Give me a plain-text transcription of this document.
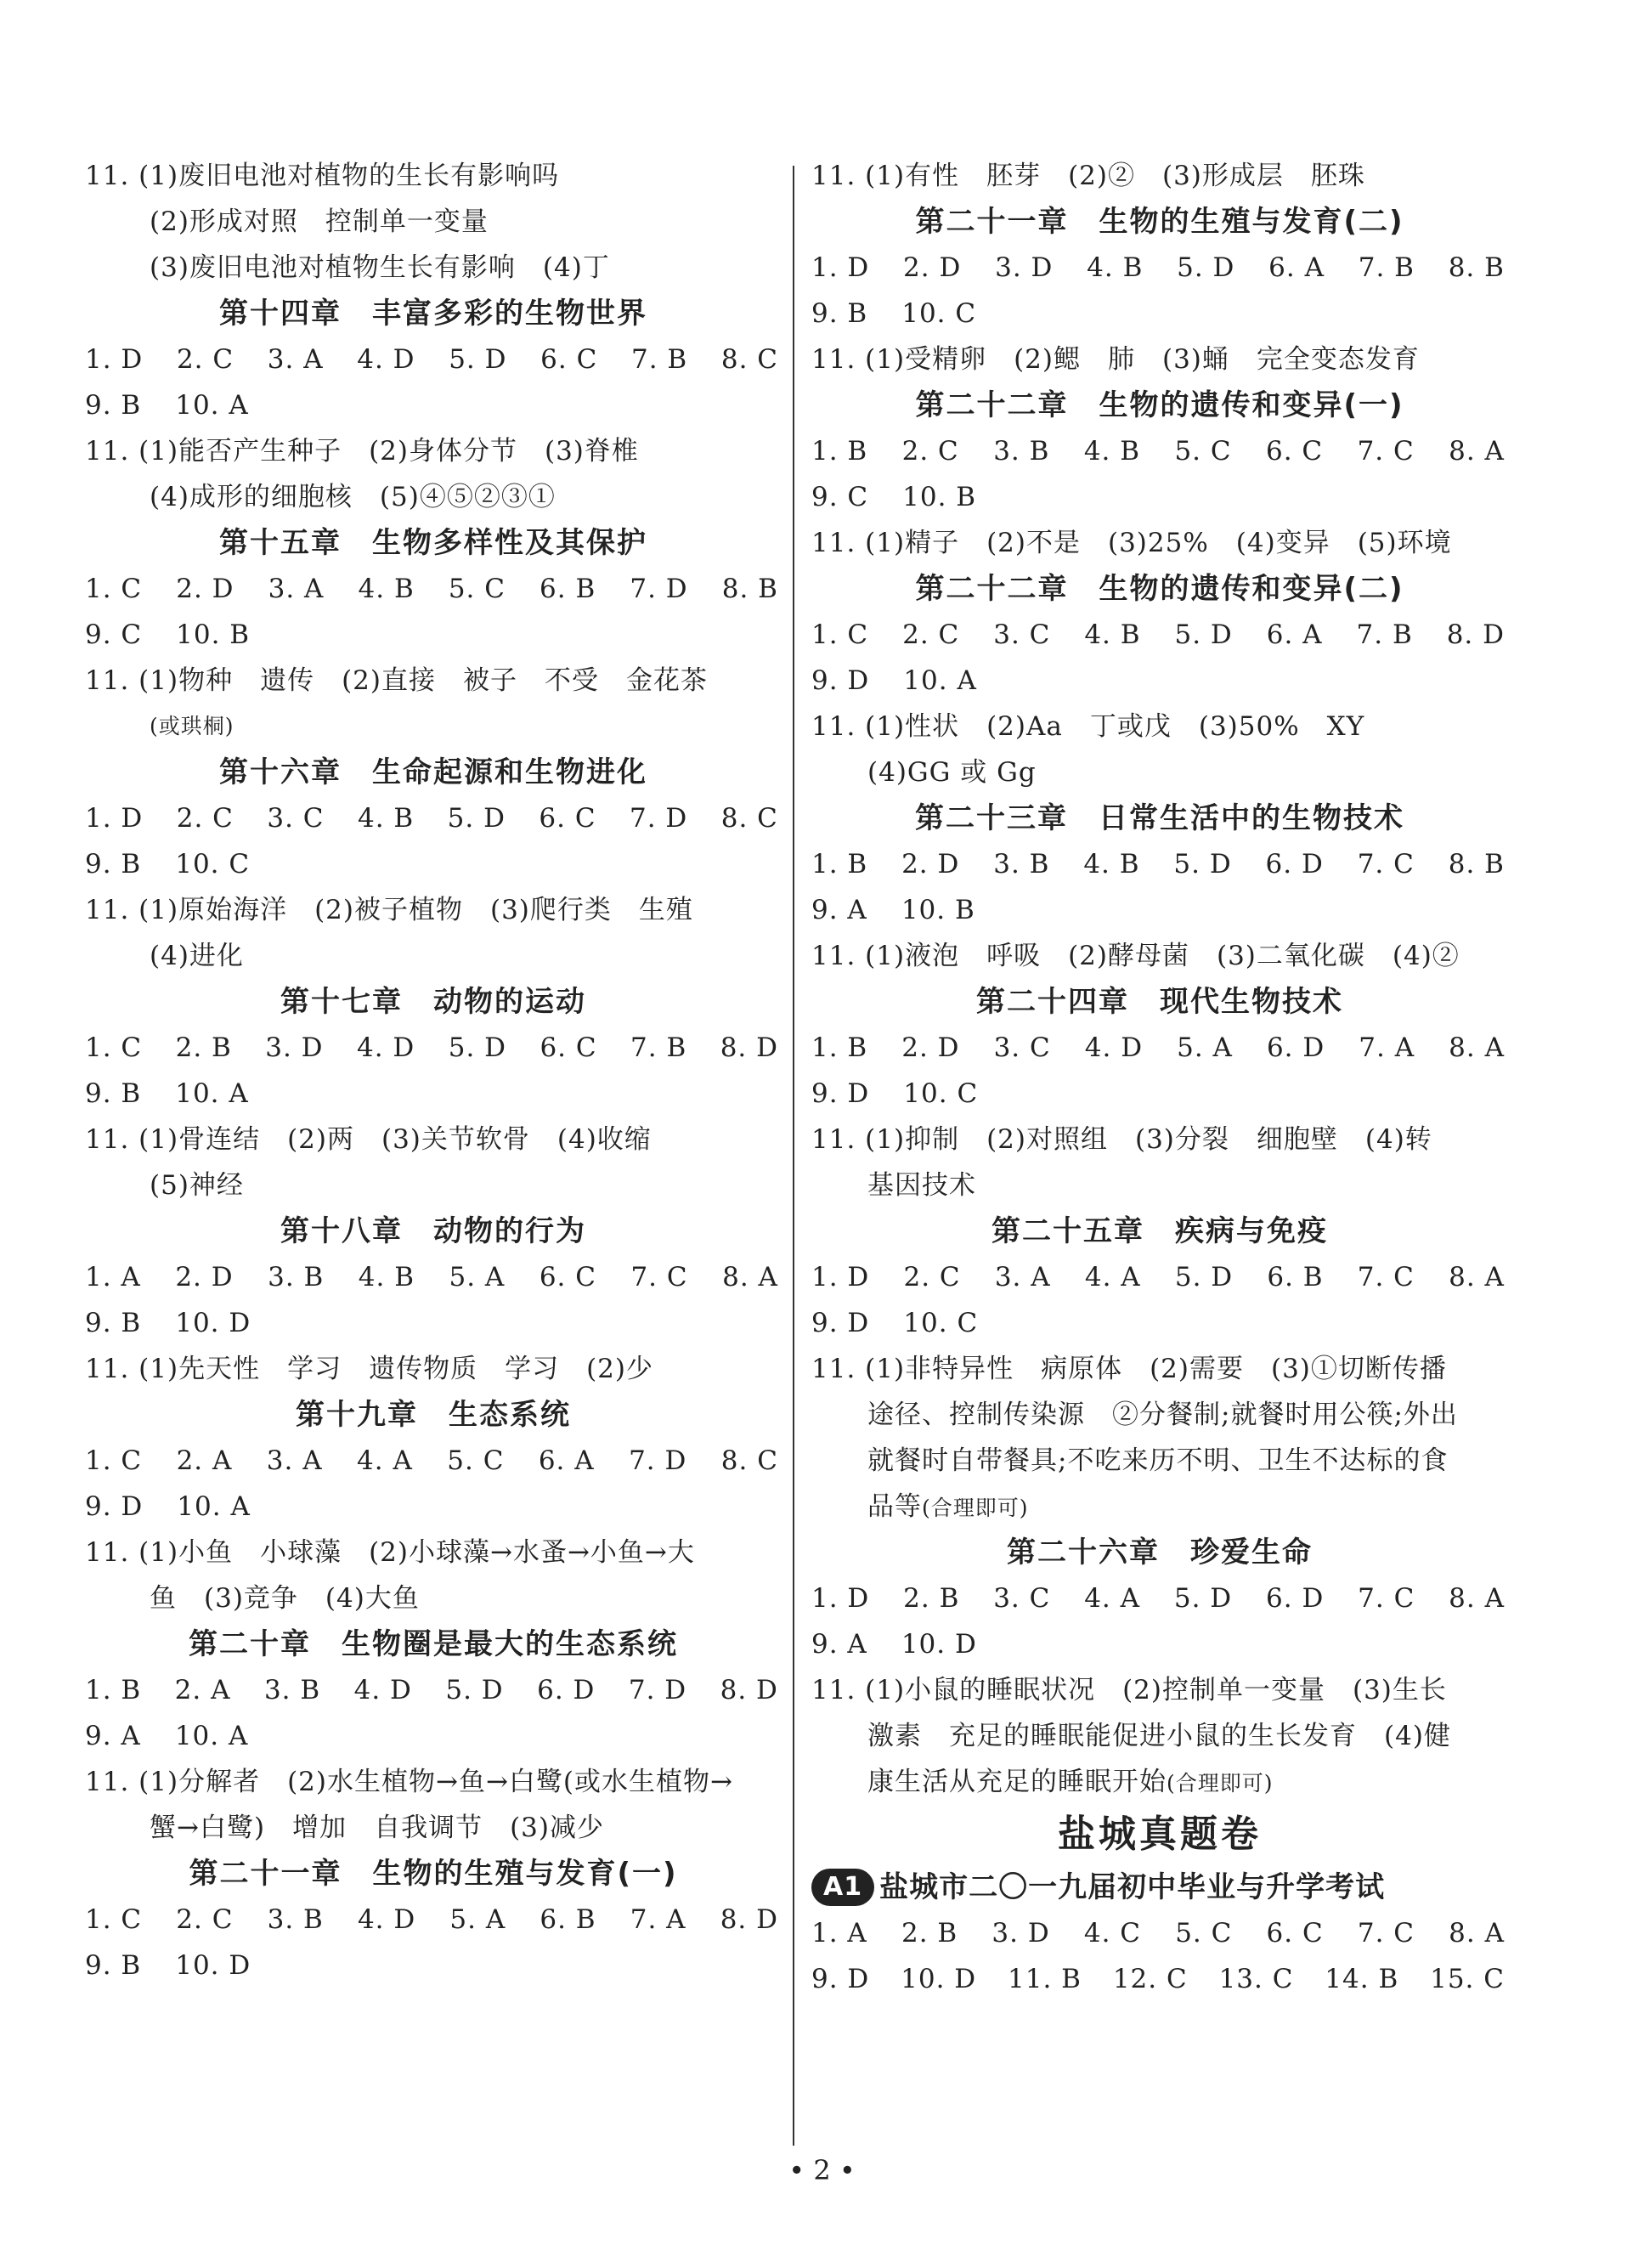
11. (1)废旧电池对植物的生长有影响吗
(2)形成对照　控制单一变量
(3)废旧电池对植物生长有影响　(4)丁
第十四章　丰富多彩的生物世界
1. D 2. C 3. A 4. D 5. D 6. C 7. B 8. C
9. B 10. A
11. (1)能否产生种子　(2)身体分节　(3)脊椎
(4)成形的细胞核　(5)④⑤②③①
第十五章　生物多样性及其保护
1. C 2. D 3. A 4. B 5. C 6. B 7. D 8. B
9. C 10. B
11. (1)物种　遗传　(2)直接　被子　不受　金花茶
(或珙桐)
第十六章　生命起源和生物进化
1. D 2. C 3. C 4. B 5. D 6. C 7. D 8. C
9. B 10. C
11. (1)原始海洋　(2)被子植物　(3)爬行类　生殖
(4)进化
第十七章　动物的运动
1. C 2. B 3. D 4. D 5. D 6. C 7. B 8. D
9. B 10. A
11. (1)骨连结　(2)两　(3)关节软骨　(4)收缩
(5)神经
第十八章　动物的行为
1. A 2. D 3. B 4. B 5. A 6. C 7. C 8. A
9. B 10. D
11. (1)先天性　学习　遗传物质　学习　(2)少
第十九章　生态系统
1. C 2. A 3. A 4. A 5. C 6. A 7. D 8. C
9. D 10. A
11. (1)小鱼　小球藻　(2)小球藻→水蚤→小鱼→大
鱼　(3)竞争　(4)大鱼
第二十章　生物圈是最大的生态系统
1. B 2. A 3. B 4. D 5. D 6. D 7. D 8. D
9. A 10. A
11. (1)分解者　(2)水生植物→鱼→白鹭(或水生植物→
蟹→白鹭)　增加　自我调节　(3)减少
第二十一章　生物的生殖与发育(一)
1. C 2. C 3. B 4. D 5. A 6. B 7. A 8. D
9. B 10. D
11. (1)有性　胚芽　(2)②　(3)形成层　胚珠
第二十一章　生物的生殖与发育(二)
1. D 2. D 3. D 4. B 5. D 6. A 7. B 8. B
9. B 10. C
11. (1)受精卵　(2)鳃　肺　(3)蛹　完全变态发育
第二十二章　生物的遗传和变异(一)
1. B 2. C 3. B 4. B 5. C 6. C 7. C 8. A
9. C 10. B
11. (1)精子　(2)不是　(3)25%　(4)变异　(5)环境
第二十二章　生物的遗传和变异(二)
1. C 2. C 3. C 4. B 5. D 6. A 7. B 8. D
9. D 10. A
11. (1)性状　(2)Aa　丁或戊　(3)50%　XY
(4)GG 或 Gg
第二十三章　日常生活中的生物技术
1. B 2. D 3. B 4. B 5. D 6. D 7. C 8. B
9. A 10. B
11. (1)液泡　呼吸　(2)酵母菌　(3)二氧化碳　(4)②
第二十四章　现代生物技术
1. B 2. D 3. C 4. D 5. A 6. D 7. A 8. A
9. D 10. C
11. (1)抑制　(2)对照组　(3)分裂　细胞壁　(4)转
基因技术
第二十五章　疾病与免疫
1. D 2. C 3. A 4. A 5. D 6. B 7. C 8. A
9. D 10. C
11. (1)非特异性　病原体　(2)需要　(3)①切断传播
途径、控制传染源　②分餐制;就餐时用公筷;外出
就餐时自带餐具;不吃来历不明、卫生不达标的食
品等(合理即可)
第二十六章　珍爱生命
1. D 2. B 3. C 4. A 5. D 6. D 7. C 8. A
9. A 10. D
11. (1)小鼠的睡眠状况　(2)控制单一变量　(3)生长
激素　充足的睡眠能促进小鼠的生长发育　(4)健
康生活从充足的睡眠开始(合理即可)
盐城真题卷
A1 盐城市二〇一九届初中毕业与升学考试
1. A 2. B 3. D 4. C 5. C 6. C 7. C 8. A
9. D 10. D 11. B 12. C 13. C 14. B 15. C
• 2 •
